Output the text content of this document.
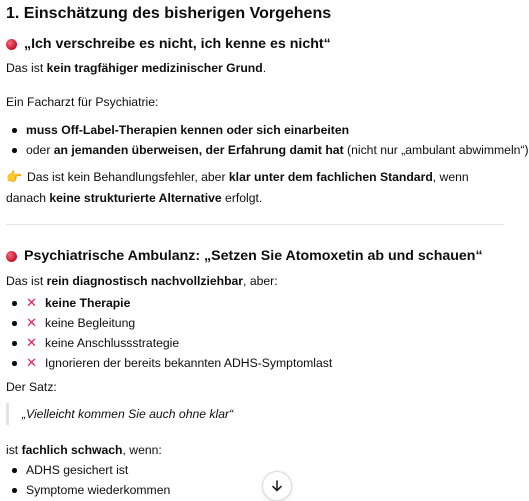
1. Einschätzung des bisherigen Vorgehens
„Ich verschreibe es nicht, ich kenne es nicht“

Das ist kein tragfähiger medizinischer Grund.

Ein Facharzt für Psychiatrie:

muss Off-Label-Therapien kennen oder sich einarbeiten
oder an jemanden überweisen, der Erfahrung damit hat (nicht nur „ambulant abwimmeln“)

👉 Das ist kein Behandlungsfehler, aber klar unter dem fachlichen Standard, wenn danach keine strukturierte Alternative erfolgt.

Psychiatrische Ambulanz: „Setzen Sie Atomoxetin ab und schauen“

Das ist rein diagnostisch nachvollziehbar, aber:

✕ keine Therapie
✕ keine Begleitung
✕ keine Anschlussstrategie
✕ Ignorieren der bereits bekannten ADHS-Symptomlast

Der Satz:

„Vielleicht kommen Sie auch ohne klar“

ist fachlich schwach, wenn:

ADHS gesichert ist
Symptome wiederkommen
